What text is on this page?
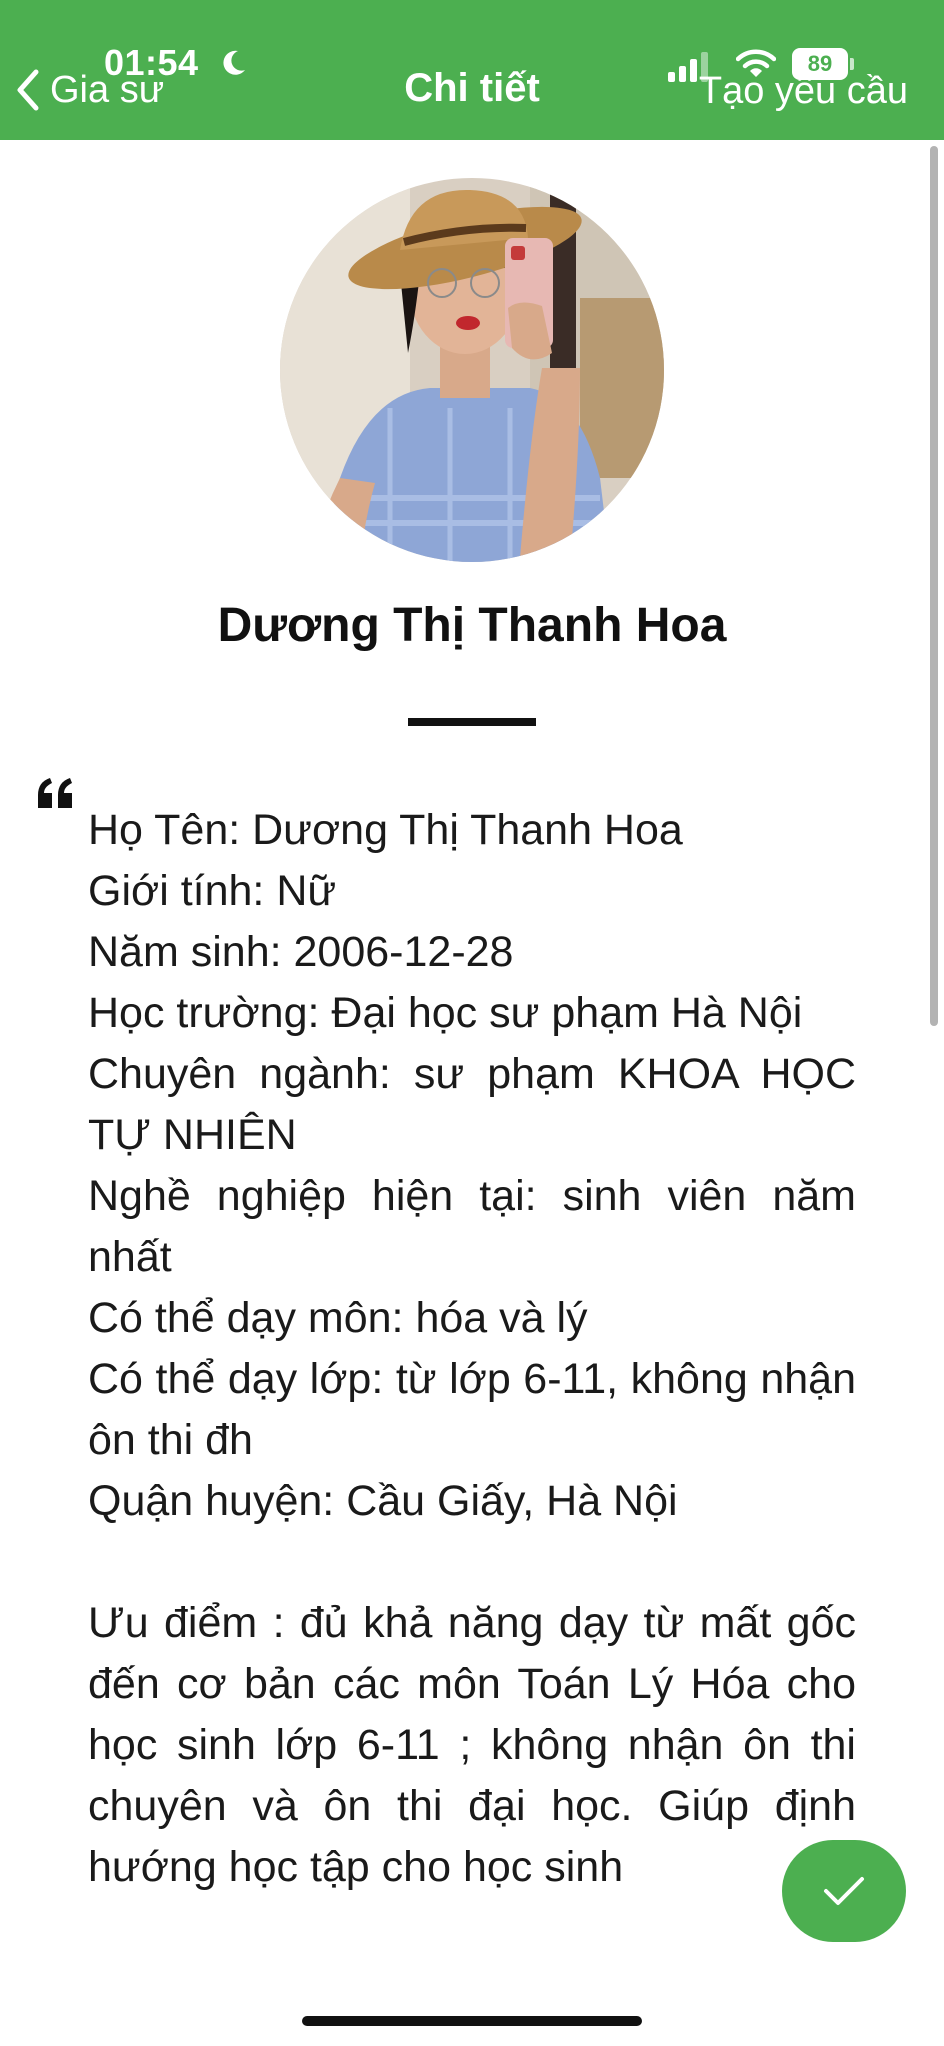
01:54
Gia sư	Chi tiết
89
Tạo yêu cầu
Dương Thị Thanh Hoa

Họ Tên: Dương Thị Thanh Hoa

Giới tính: Nữ

Năm sinh: 2006-12-28

Học trường: Đại học sư phạm Hà Nội

Chuyên ngành: sư phạm KHOA HỌC TỰ NHIÊN

Nghề nghiệp hiện tại: sinh viên năm nhất

Có thể dạy môn: hóa và lý

Có thể dạy lớp: từ lớp 6-11, không nhận ôn thi đh

Quận huyện: Cầu Giấy, Hà Nội

Ưu điểm : đủ khả năng dạy từ mất gốc đến cơ bản các môn Toán Lý Hóa cho học sinh lớp 6-11 ; không nhận ôn thi chuyên và ôn thi đại học. Giúp định hướng học tập cho học sinh
